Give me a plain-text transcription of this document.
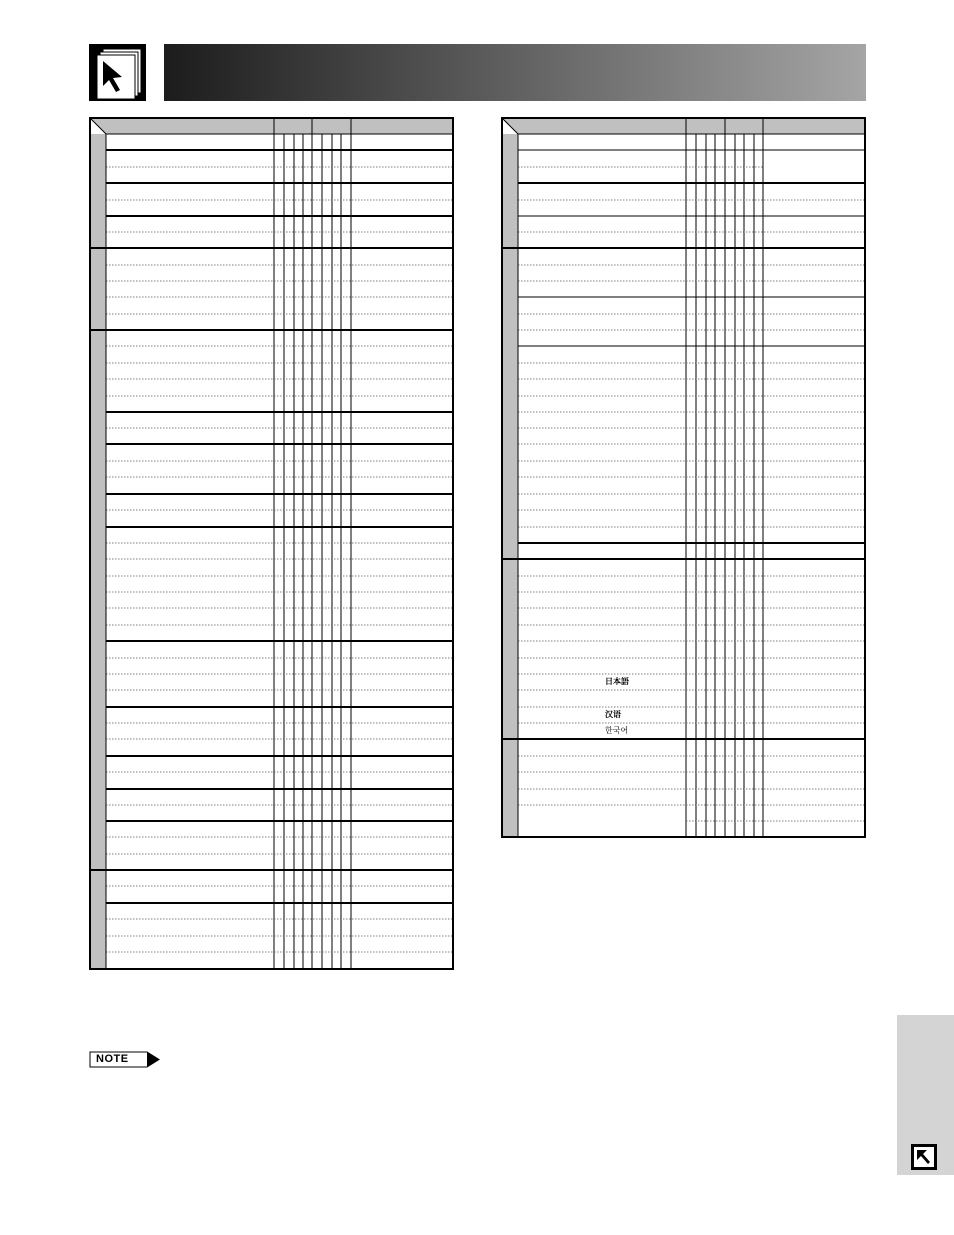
日本語
汉语
한국어
NOTE
